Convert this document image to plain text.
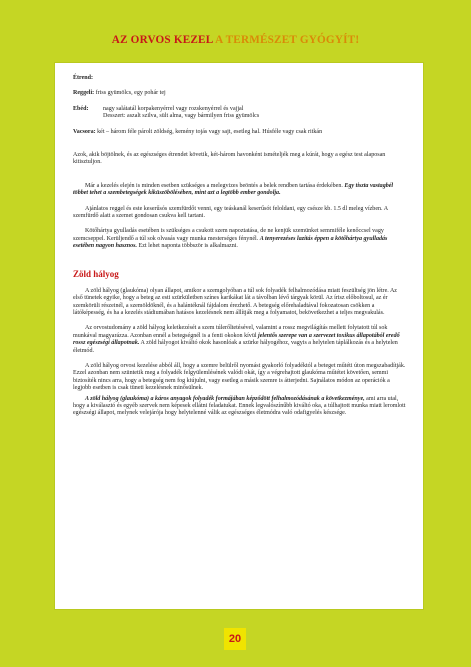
AZ ORVOS KEZEL A TERMÉSZET GYÓGYÍT!

Étrend:

Reggeli: friss gyümölcs, egy pohár tej

Ebéd:	nagy salátatál korpakenyérrel vagy rozskenyérrel és vajjal

Desszert: aszalt szilva, sült alma, vagy bármilyen friss gyümölcs

Vacsora: két – három féle párolt zöldség, kemény tojás vagy sajt, esetleg hal. Húsféle vagy csak ritkán

Azok, akik böjtölnek, és az egészséges étrendet követik, két-három havonként ismételjék meg a kúrát, hogy a egész test alaposan kitisztuljon.

Már a kezelés elején is minden esetben szükséges a melegvizes beöntés a belek rendben tartása érdekében. Egy tiszta vastagbél többet tehet a szembetegségek kiküszöbölésében, mint azt a legtöbb ember gondolja.

Ajánlatos reggel és este keserűsós szemfürdőt venni, egy teáskanál keserűsót feloldani, egy csésze kb. 1.5 dl meleg vízben. A szemfürdő alatt a szemet gondosan csukva kell tartani.

Kötőhártya gyulladás esetében is szükséges a csukott szem napoztatása, de ne kenjük szemünket semmiféle kenőccsel vagy szemcseppel. Kerüljendő a túl sok olvasás vagy munka mesterséges fénynél. A tenyerezéses lazítás éppen a kötőhártya gyulladás esetében nagyon hasznos. Ezt lehet naponta többször is alkalmazni.

Zöld hályog

A zöld hályog (glaukóma) olyan állapot, amikor a szemgolyóban a túl sok folyadék felhalmozódása miatt feszültség jön létre. Az első tünetek egyike, hogy a beteg az esti szürkületben színes karikákat lát a távolban lévő tárgyak körül. Az írisz előboltosul, az ér szemkörüli részeinél, a szemöldöknél, és a halántéknál fájdalom érezhető. A betegség előrehaladtával fokozatosan csökken a látóképesség, és ha a kezelés stádiumában hatásos kezelésnek nem állítják meg a folyamatot, bekövetkezhet a teljes megvakulás.

Az orvostudomány a zöld hályog keletkezését a szem túlerőltetésével, valamint a rossz megvilágítás mellett folytatott túl sok munkával magyarázza. Azonban ennél a betegségnél is a fenti okokon kívül jelentős szerepe van a szervezet toxikus állapotából eredő rossz egészségi állapotnak. A zöld hályogot kiváltó okok hasonlóak a szürke hályogéhoz, vagyis a helytelen táplálkozás és a helytelen életmód.

A zöld hályog orvosi kezelése abból áll, hogy a szemre belülről nyomást gyakorló folyadéktól a beteget műtéti úton megszabadítják. Ezzel azonban nem szüntetik meg a folyadék felgyülemlésének valódi okát, így a végrehajtott glaukóma műtétet követően, semmi biztosíték nincs arra, hogy a betegség nem fog kiújulni, vagy esetleg a másik szemre is átterjedni. Sajnálatos módon az operációk a legjobb esetben is csak tüneti kezelésnek minősülnek.

A zöld hályog (glaukóma) a káros anyagok folyadék formájában képződött felhalmozódásának a következménye, ami arra utal, hogy a kiválasztó és egyéb szervek nem képesek ellátni feladatukat. Ennek legvalószínűbb kiváltó oka, a túlhajtott munka miatt leromlott egészségi állapot, melynek velejárója hogy helytelenné válik az egészséges életmódra való odafigyelés készsége.

20
